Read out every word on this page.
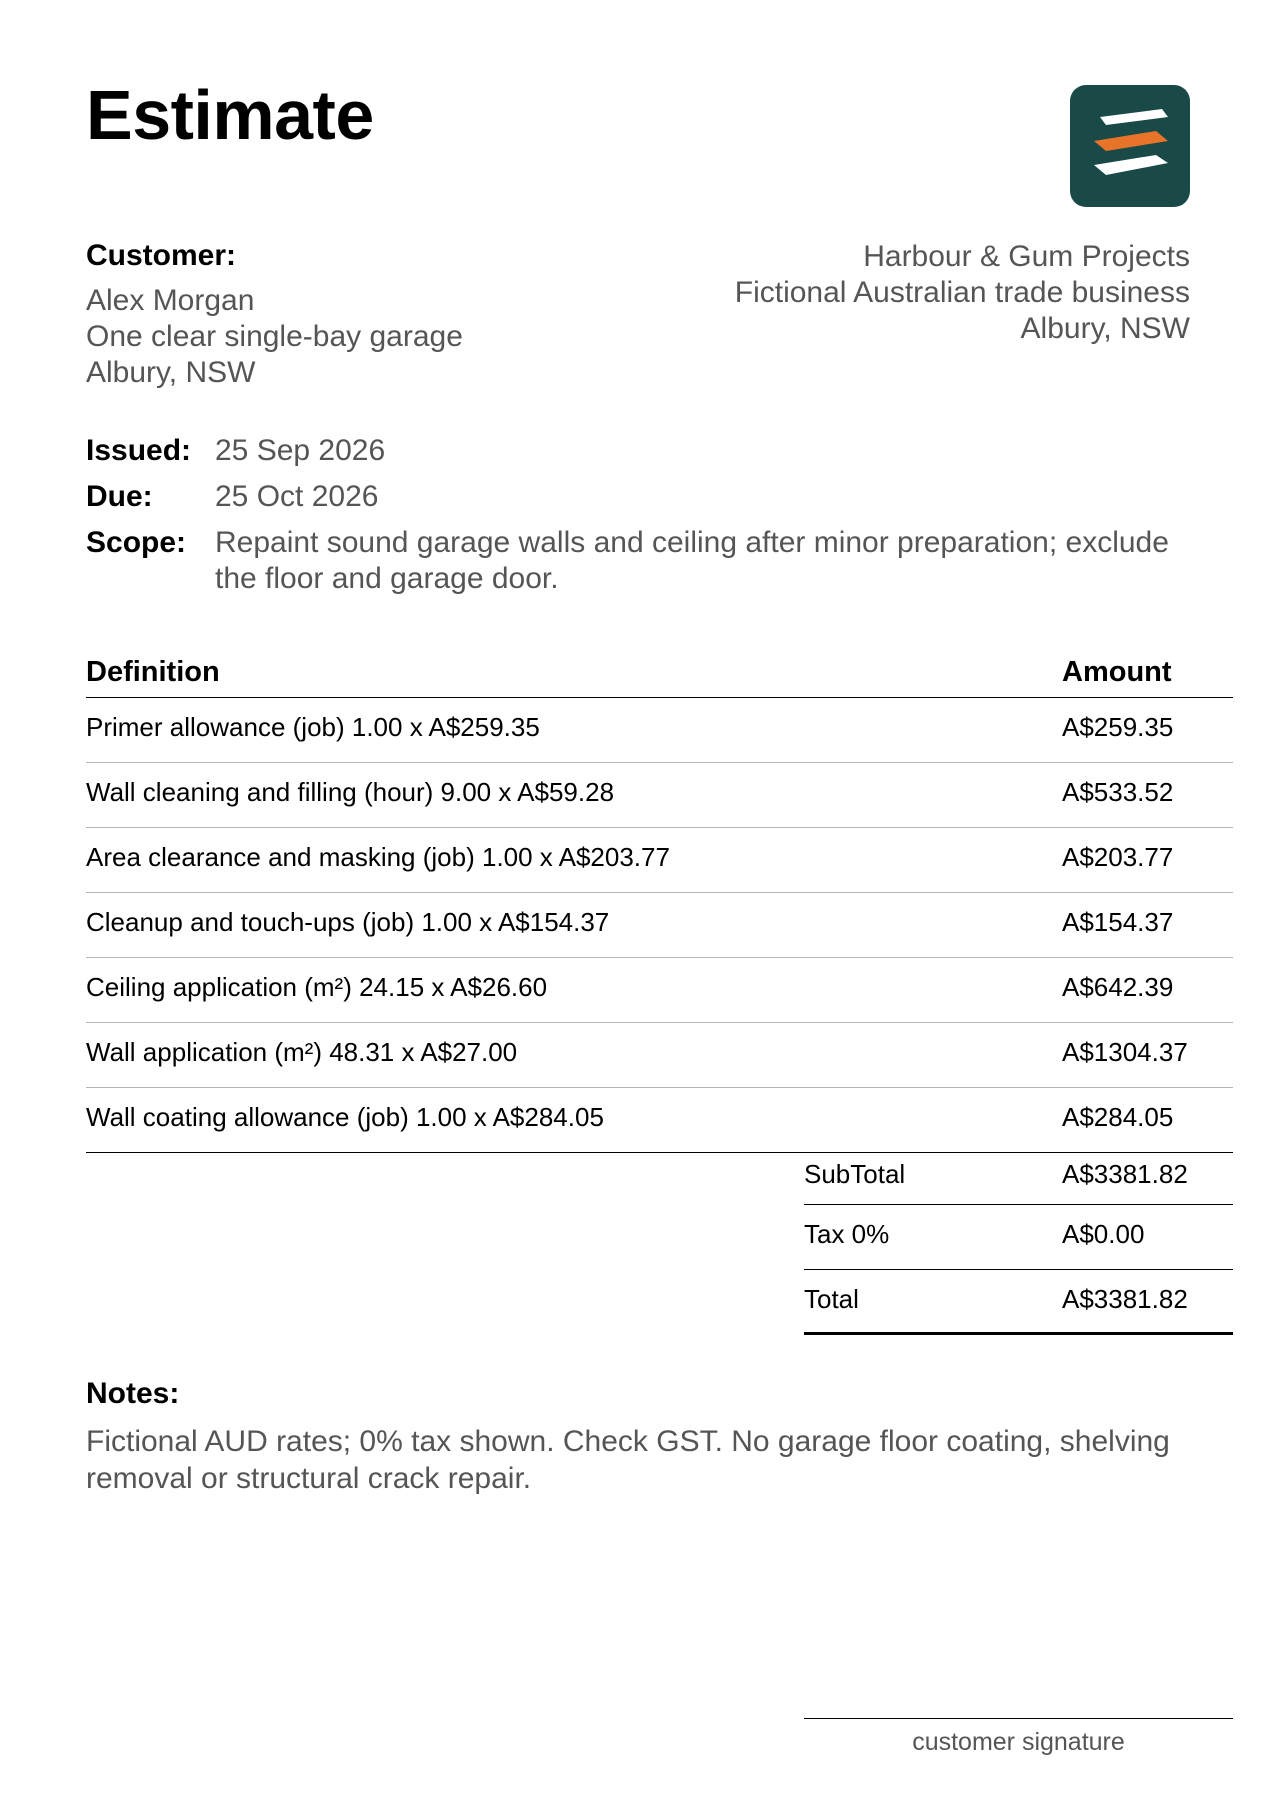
Estimate
Customer:
Alex Morgan
One clear single-bay garage
Albury, NSW
Harbour & Gum Projects
Fictional Australian trade business
Albury, NSW
Issued: 25 Sep 2026
Due:	25 Oct 2026
Scope: Repaint sound garage walls and ceiling after minor preparation; exclude the floor and garage door.
Definition	Amount
Primer allowance (job) 1.00 x A$259.35	A$259.35
Wall cleaning and filling (hour) 9.00 x A$59.28	A$533.52
Area clearance and masking (job) 1.00 x A$203.77	A$203.77
Cleanup and touch-ups (job) 1.00 x A$154.37	A$154.37
Ceiling application (m²) 24.15 x A$26.60	A$642.39
Wall application (m²) 48.31 x A$27.00	A$1304.37
Wall coating allowance (job) 1.00 x A$284.05	A$284.05
SubTotal	A$3381.82
Tax 0%	A$0.00
Total	A$3381.82
Notes:
Fictional AUD rates; 0% tax shown. Check GST. No garage floor coating, shelving removal or structural crack repair.
customer signature
